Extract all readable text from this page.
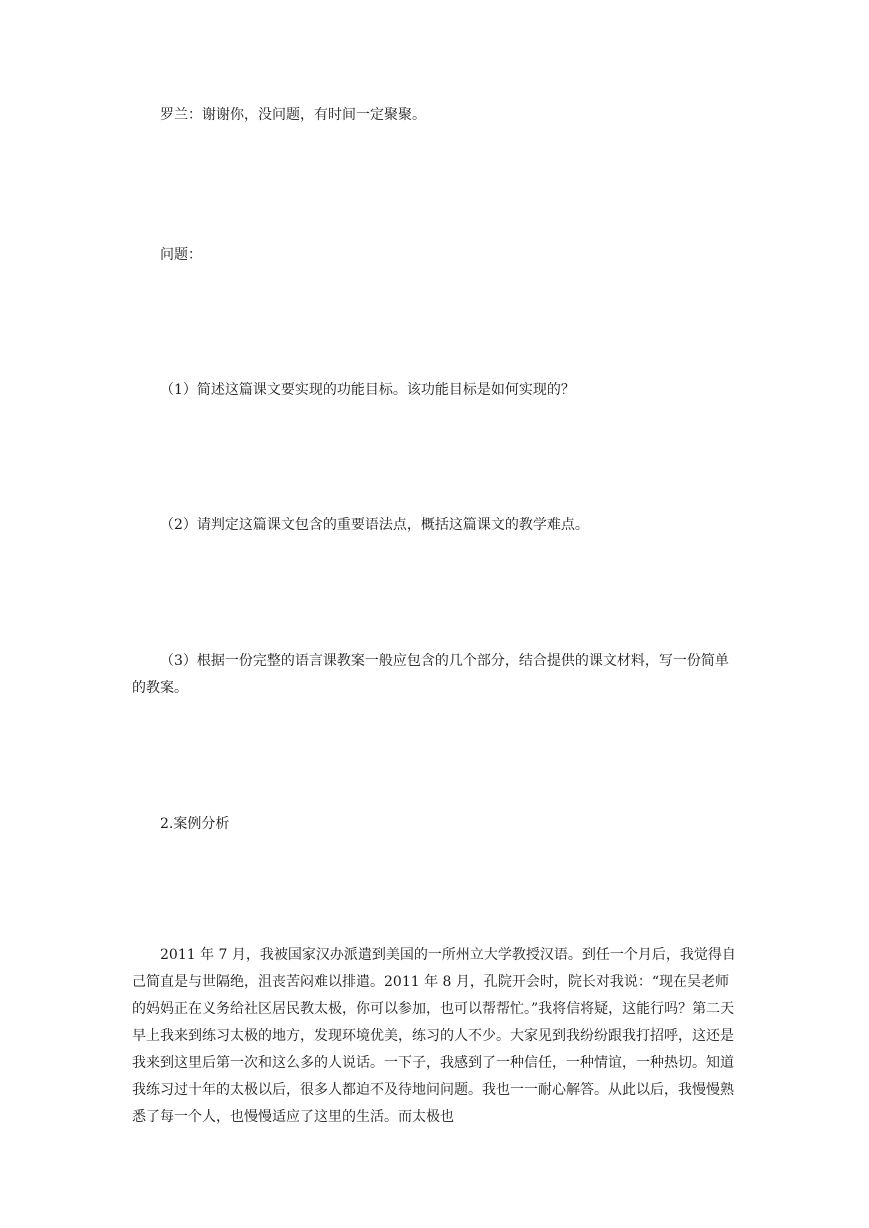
罗兰：谢谢你，没问题，有时间一定聚聚。

问题：

（1）简述这篇课文要实现的功能目标。该功能目标是如何实现的？

（2）请判定这篇课文包含的重要语法点，概括这篇课文的教学难点。

（3）根据一份完整的语言课教案一般应包含的几个部分，结合提供的课文材料，写一份简单的教案。

2.案例分析

2011 年 7 月，我被国家汉办派遣到美国的一所州立大学教授汉语。到任一个月后，我觉得自己简直是与世隔绝，沮丧苦闷难以排遣。2011 年 8 月，孔院开会时，院长对我说：“现在吴老师的妈妈正在义务给社区居民教太极，你可以参加，也可以帮帮忙。”我将信将疑，这能行吗？第二天早上我来到练习太极的地方，发现环境优美，练习的人不少。大家见到我纷纷跟我打招呼，这还是我来到这里后第一次和这么多的人说话。一下子，我感到了一种信任，一种情谊，一种热切。知道我练习过十年的太极以后，很多人都迫不及待地问问题。我也一一耐心解答。从此以后，我慢慢熟悉了每一个人，也慢慢适应了这里的生活。而太极也
